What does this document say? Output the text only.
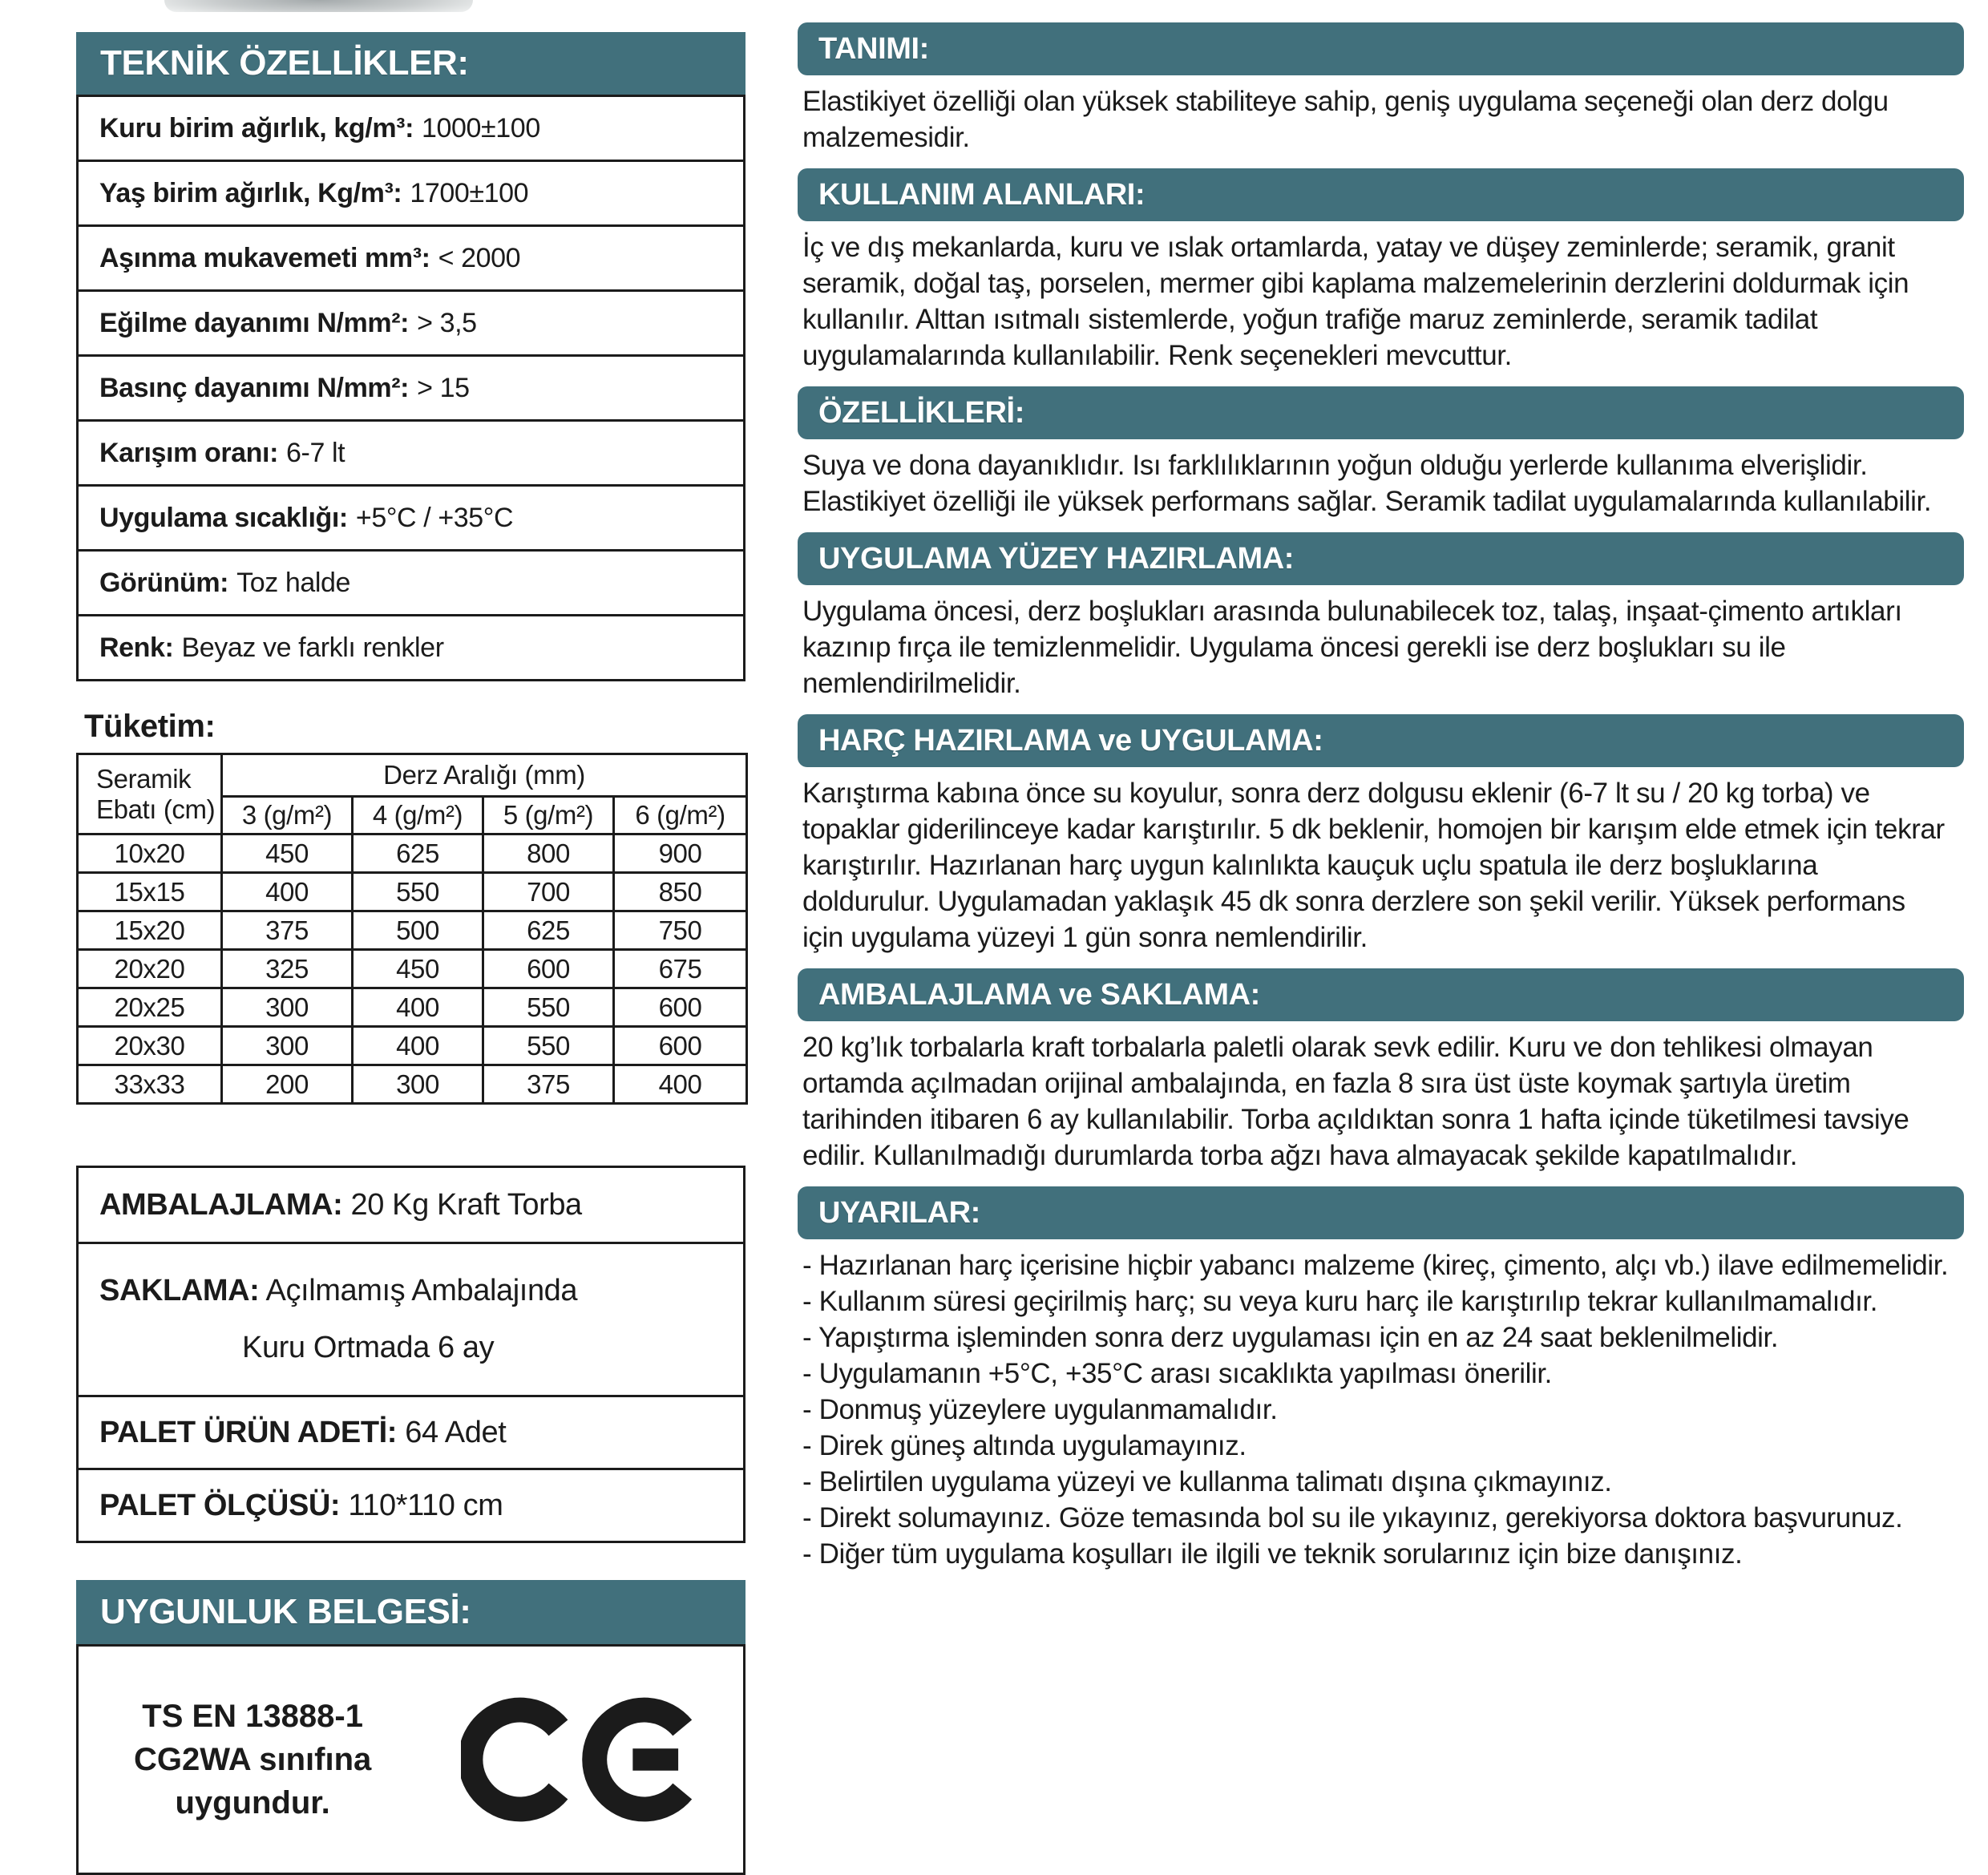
TEKNİK ÖZELLİKLER:
Kuru birim ağırlık, kg/m³: 1000±100
Yaş birim ağırlık, Kg/m³: 1700±100
Aşınma mukavemeti mm³: < 2000
Eğilme dayanımı N/mm²: > 3,5
Basınç dayanımı N/mm²: > 15
Karışım oranı: 6-7 lt
Uygulama sıcaklığı: +5°C / +35°C
Görünüm: Toz halde
Renk: Beyaz ve farklı renkler
Tüketim:
Seramik
Ebatı (cm)	Derz Aralığı (mm)			
	3 (g/m²)	4 (g/m²)	5 (g/m²)	6 (g/m²)
10x20	450	625	800	900
15x15	400	550	700	850
15x20	375	500	625	750
20x20	325	450	600	675
20x25	300	400	550	600
20x30	300	400	550	600
33x33	200	300	375	400
AMBALAJLAMA: 20 Kg Kraft Torba
SAKLAMA: Açılmamış Ambalajında
Kuru Ortmada 6 ay
PALET ÜRÜN ADETİ: 64 Adet
PALET ÖLÇÜSÜ: 110*110 cm
UYGUNLUK BELGESİ:
TS EN 13888-1
CG2WA sınıfına
uygundur.
TANIMI:

Elastikiyet özelliği olan yüksek stabiliteye sahip, geniş uygulama seçeneği olan derz dolgu malzemesidir.

KULLANIM ALANLARI:

İç ve dış mekanlarda, kuru ve ıslak ortamlarda, yatay ve düşey zeminlerde; seramik, granit seramik, doğal taş, porselen, mermer gibi kaplama malzemelerinin derzlerini doldurmak için kullanılır. Alttan ısıtmalı sistemlerde, yoğun trafiğe maruz zeminlerde, seramik tadilat uygulamalarında kullanılabilir. Renk seçenekleri mevcuttur.

ÖZELLİKLERİ:

Suya ve dona dayanıklıdır. Isı farklılıklarının yoğun olduğu yerlerde kullanıma elverişlidir. Elastikiyet özelliği ile yüksek performans sağlar. Seramik tadilat uygulamalarında kullanılabilir.

UYGULAMA YÜZEY HAZIRLAMA:

Uygulama öncesi, derz boşlukları arasında bulunabilecek toz, talaş, inşaat-çimento artıkları kazınıp fırça ile temizlenmelidir. Uygulama öncesi gerekli ise derz boşlukları su ile nemlendirilmelidir.

HARÇ HAZIRLAMA ve UYGULAMA:

Karıştırma kabına önce su koyulur, sonra derz dolgusu eklenir (6-7 lt su / 20 kg torba) ve topaklar giderilinceye kadar karıştırılır. 5 dk beklenir, homojen bir karışım elde etmek için tekrar karıştırılır. Hazırlanan harç uygun kalınlıkta kauçuk uçlu spatula ile derz boşluklarına doldurulur. Uygulamadan yaklaşık 45 dk sonra derzlere son şekil verilir. Yüksek performans için uygulama yüzeyi 1 gün sonra nemlendirilir.

AMBALAJLAMA ve SAKLAMA:

20 kg’lık torbalarla kraft torbalarla paletli olarak sevk edilir. Kuru ve don tehlikesi olmayan ortamda açılmadan orijinal ambalajında, en fazla 8 sıra üst üste koymak şartıyla üretim tarihinden itibaren 6 ay kullanılabilir. Torba açıldıktan sonra 1 hafta içinde tüketilmesi tavsiye edilir. Kullanılmadığı durumlarda torba ağzı hava almayacak şekilde kapatılmalıdır.

UYARILAR:
- Hazırlanan harç içerisine hiçbir yabancı malzeme (kireç, çimento, alçı vb.) ilave edilmemelidir.
- Kullanım süresi geçirilmiş harç; su veya kuru harç ile karıştırılıp tekrar kullanılmamalıdır.
- Yapıştırma işleminden sonra derz uygulaması için en az 24 saat beklenilmelidir.
- Uygulamanın +5°C, +35°C arası sıcaklıkta yapılması önerilir.
- Donmuş yüzeylere uygulanmamalıdır.
- Direk güneş altında uygulamayınız.
- Belirtilen uygulama yüzeyi ve kullanma talimatı dışına çıkmayınız.
- Direkt solumayınız. Göze temasında bol su ile yıkayınız, gerekiyorsa doktora başvurunuz.
- Diğer tüm uygulama koşulları ile ilgili ve teknik sorularınız için bize danışınız.
